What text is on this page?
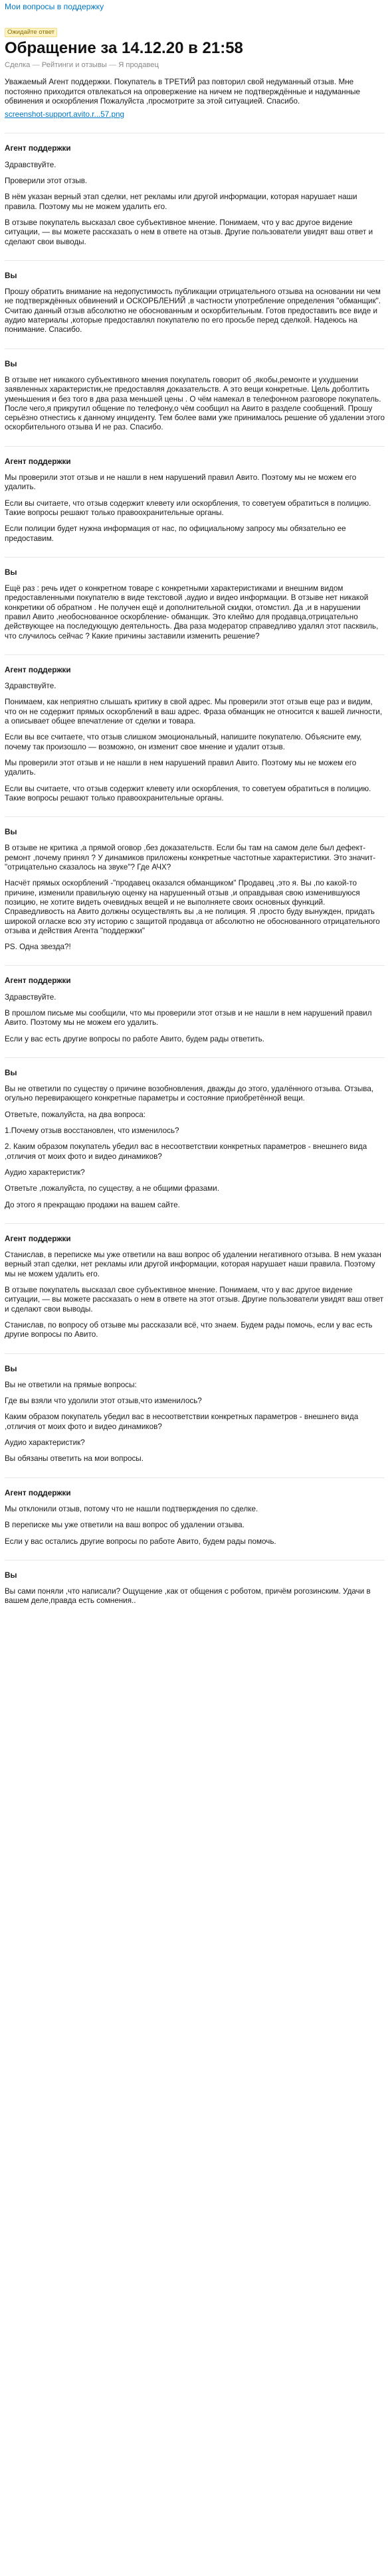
Мои вопросы в поддержку
Ожидайте ответ
Обращение за 14.12.20 в 21:58
Сделка — Рейтинги и отзывы — Я продавец

Уважаемый Агент поддержки. Покупатель в ТРЕТИЙ раз повторил свой недуманный отзыв. Мне постоянно приходится отвлекаться на опровержение на ничем не подтверждённые и надуманные обвинения и оскорбления Пожалуйста ,просмотрите за этой ситуацией. Спасибо.

screenshot-support.avito.r...57.png
Агент поддержки

Здравствуйте.

Проверили этот отзыв.

В нём указан верный этап сделки, нет рекламы или другой информации, которая нарушает наши правила. Поэтому мы не можем удалить его.

В отзыве покупатель высказал свое субъективное мнение. Понимаем, что у вас другое видение ситуации, — вы можете рассказать о нем в ответе на отзыв. Другие пользователи увидят ваш ответ и сделают свои выводы.

Вы

Прошу обратить внимание на недопустимость публикации отрицательного отзыва на основании ни чем не подтверждённых обвинений и ОСКОРБЛЕНИЙ ,в частности употребление определения "обманщик". Считаю данный отзыв абсолютно не обоснованным и оскорбительным. Готов предоставить все виде и аудио материалы ,которые предоставлял покупателю по его просьбе перед сделкой. Надеюсь на понимание. Спасибо.

Вы

В отзыве нет никакого субъективного мнения покупатель говорит об ,якобы,ремонте и ухудшении заявленных характеристик,не предоставляя доказательств. А это вещи конкретные. Цель доболтить уменьшения и без того в два раза меньшей цены . О чём намекал в телефонном разговоре покупатель. После чего,я прикрутил общение по телефону,о чём сообщил на Авито в разделе сообщений. Прошу серьёзно отнестись к данному инциденту. Тем более вами уже принималось решение об удалении этого оскорбительного отзыва И не раз. Спасибо.

Агент поддержки

Мы проверили этот отзыв и не нашли в нем нарушений правил Авито. Поэтому мы не можем его удалить.

Если вы считаете, что отзыв содержит клевету или оскорбления, то советуем обратиться в полицию. Такие вопросы решают только правоохранительные органы.

Если полиции будет нужна информация от нас, по официальному запросу мы обязательно ее предоставим.

Вы

Ещё раз : речь идет о конкретном товаре с конкретными характеристиками и внешним видом предоставленными покупателю в виде текстовой ,аудио и видео информации. В отзыве нет никакой конкретики об обратном . Не получен ещё и дополнительной скидки, отомстил. Да ,и в нарушении правил Авито ,необоснованное оскорбление- обманщик. Это клеймо для продавца,отрицательно действующее на последующую деятельность. Два раза модератор справедливо удалял этот пасквиль, что случилось сейчас ? Какие причины заставили изменить решение?

Агент поддержки

Здравствуйте.

Понимаем, как неприятно слышать критику в свой адрес. Мы проверили этот отзыв еще раз и видим, что он не содержит прямых оскорблений в ваш адрес. Фраза обманщик не относится к вашей личности, а описывает общее впечатление от сделки и товара.

Если вы все считаете, что отзыв слишком эмоциональный, напишите покупателю. Объясните ему, почему так произошло — возможно, он изменит свое мнение и удалит отзыв.

Мы проверили этот отзыв и не нашли в нем нарушений правил Авито. Поэтому мы не можем его удалить.

Если вы считаете, что отзыв содержит клевету или оскорбления, то советуем обратиться в полицию. Такие вопросы решают только правоохранительные органы.

Вы

В отзыве не критика ,а прямой оговор ,без доказательств. Если бы там на самом деле был дефект- ремонт ,почему принял ? У динамиков приложены конкретные частотные характеристики. Это значит-"отрицательно сказалось на звуке"? Где АЧХ?

Насчёт прямых оскорблений -"продавец оказался обманщиком" Продавец ,это я. Вы ,по какой-то причине, изменили правильную оценку на нарушенный отзыв ,и оправдывая свою изменившуюся позицию, не хотите видеть очевидных вещей и не выполняете своих основных функций. Справедливость на Авито должны осуществлять вы ,а не полиция. Я ,просто буду вынужден, придать широкой огласке всю эту историю с защитой продавца от абсолютно не обоснованного отрицательного отзыва и действия Агента "поддержки"

PS. Одна звезда?!

Агент поддержки

Здравствуйте.

В прошлом письме мы сообщили, что мы проверили этот отзыв и не нашли в нем нарушений правил Авито. Поэтому мы не можем его удалить.

Если у вас есть другие вопросы по работе Авито, будем рады ответить.

Вы

Вы не ответили по существу о причине возобновления, дважды до этого, удалённого отзыва. Отзыва, огульно перевирающего конкретные параметры и состояние приобретённой вещи.

Ответьте, пожалуйста, на два вопроса:

1.Почему отзыв восстановлен, что изменилось?

2. Каким образом покупатель убедил вас в несоответствии конкретных параметров - внешнего вида ,отличия от моих фото и видео динамиков?

Аудио характеристик?

Ответьте ,пожалуйста, по существу, а не общими фразами.

До этого я прекращаю продажи на вашем сайте.

Агент поддержки

Станислав, в переписке мы уже ответили на ваш вопрос об удалении негативного отзыва. В нем указан верный этап сделки, нет рекламы или другой информации, которая нарушает наши правила. Поэтому мы не можем удалить его.

В отзыве покупатель высказал свое субъективное мнение. Понимаем, что у вас другое видение ситуации, — вы можете рассказать о нем в ответе на этот отзыв. Другие пользователи увидят ваш ответ и сделают свои выводы.

Станислав, по вопросу об отзыве мы рассказали всё, что знаем. Будем рады помочь, если у вас есть другие вопросы по Авито.

Вы

Вы не ответили на прямые вопросы:

Где вы взяли что удолили этот отзыв,что изменилось?

Каким образом покупатель убедил вас в несоответствии конкретных параметров - внешнего вида ,отличия от моих фото и видео динамиков?

Аудио характеристик?

Вы обязаны ответить на мои вопросы.

Агент поддержки

Мы отклонили отзыв, потому что не нашли подтверждения по сделке.

В переписке мы уже ответили на ваш вопрос об удалении отзыва.

Если у вас остались другие вопросы по работе Авито, будем рады помочь.

Вы

Вы сами поняли ,что написали? Ощущение ,как от общения с роботом, причём рогозинским. Удачи в вашем деле,правда есть сомнения..
